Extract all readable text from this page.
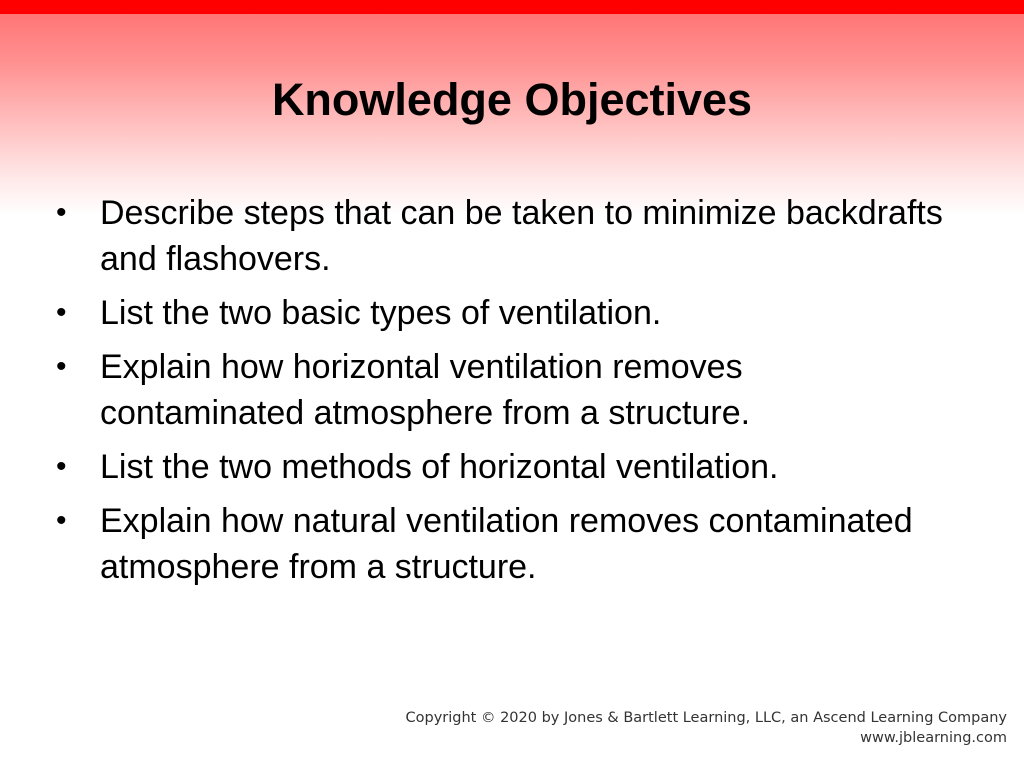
Knowledge Objectives
• Describe steps that can be taken to minimize backdrafts and flashovers.
• List the two basic types of ventilation.
• Explain how horizontal ventilation removes contaminated atmosphere from a structure.
• List the two methods of horizontal ventilation.
• Explain how natural ventilation removes contaminated atmosphere from a structure.
Copyright © 2020 by Jones & Bartlett Learning, LLC, an Ascend Learning Company
www.jblearning.com
